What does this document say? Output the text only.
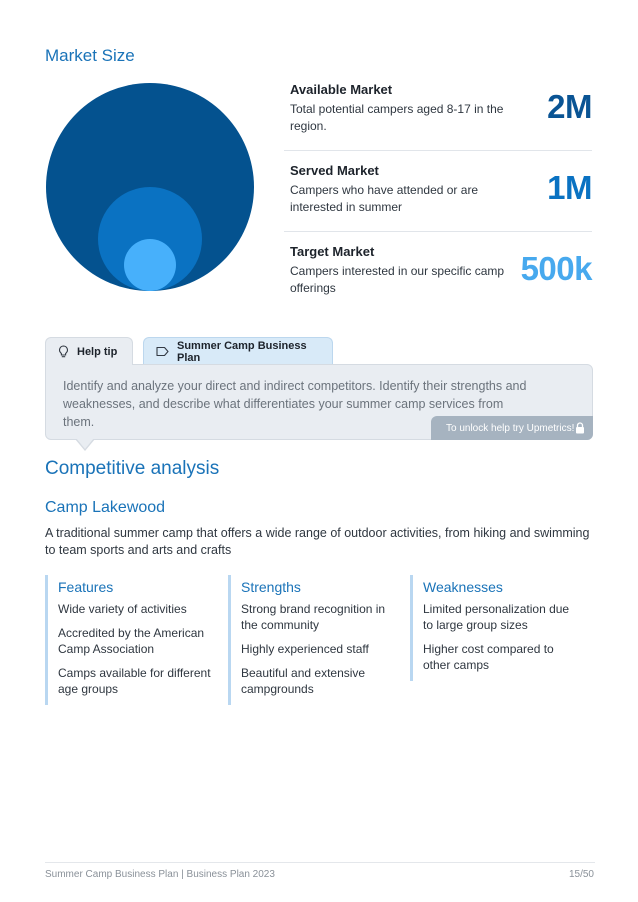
Market Size
Available Market
Total potential campers aged 8-17 in the region.
2M
Served Market
Campers who have attended or are interested in summer
1M
Target Market
Campers interested in our specific camp offerings
500k
Help tip	Summer Camp Business Plan
Identify and analyze your direct and indirect competitors. Identify their strengths and weaknesses, and describe what differentiates your summer camp services from them.	To unlock help try Upmetrics!
Competitive analysis
Camp Lakewood
A traditional summer camp that offers a wide range of outdoor activities, from hiking and swimming to team sports and arts and crafts
Features
Wide variety of activities
Accredited by the American Camp Association
Camps available for different age groups
Strengths
Strong brand recognition in the community
Highly experienced staff
Beautiful and extensive campgrounds
Weaknesses
Limited personalization due to large group sizes
Higher cost compared to other camps
Summer Camp Business Plan | Business Plan 2023	15/50
